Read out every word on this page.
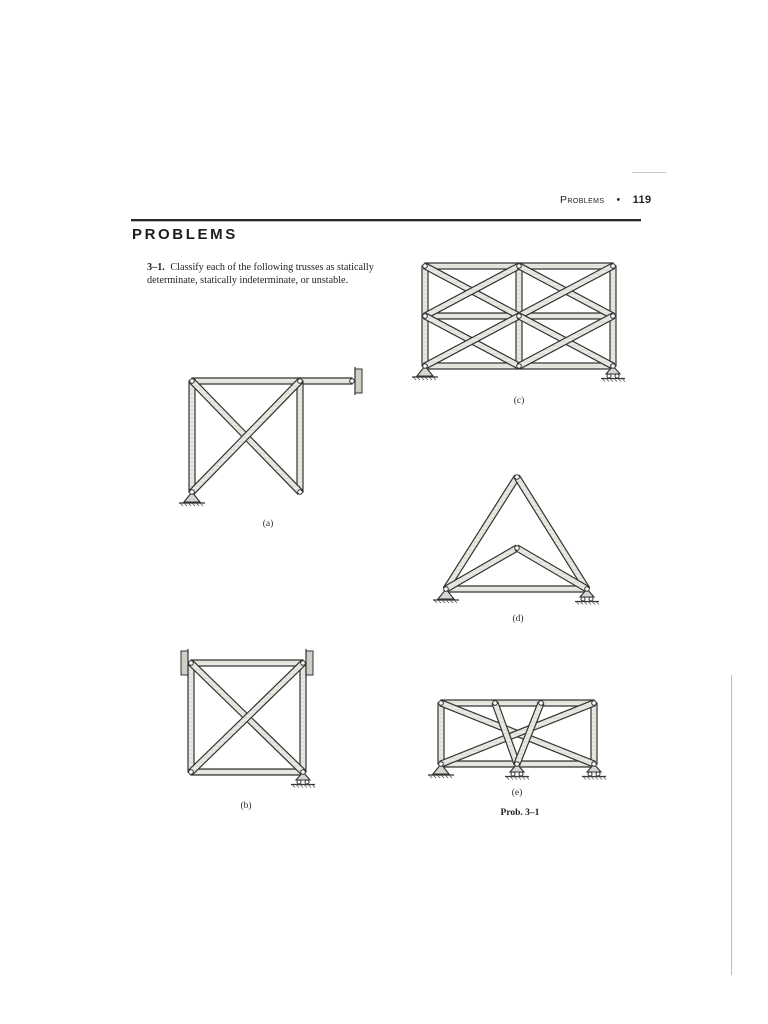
Problems • 119
PROBLEMS
3–1. Classify each of the following trusses as statically determinate, statically indeterminate, or unstable.
(a)
(b)
(c)
(d)
(e)
Prob. 3–1
